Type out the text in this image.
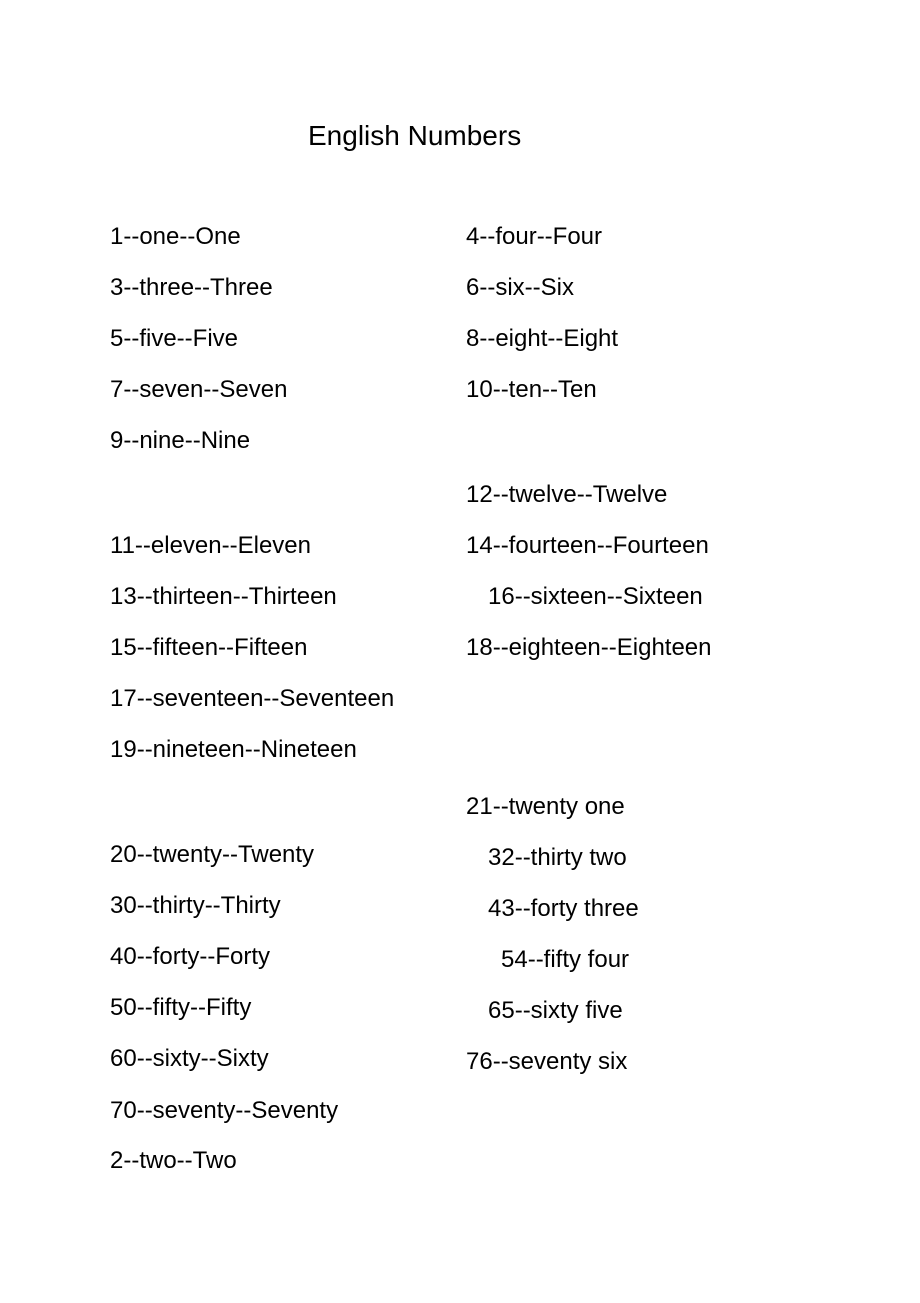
English Numbers
1--one--One
3--three--Three
5--five--Five
7--seven--Seven
9--nine--Nine
11--eleven--Eleven
13--thirteen--Thirteen
15--fifteen--Fifteen
17--seventeen--Seventeen
19--nineteen--Nineteen
20--twenty--Twenty
30--thirty--Thirty
40--forty--Forty
50--fifty--Fifty
60--sixty--Sixty
70--seventy--Seventy
2--two--Two
4--four--Four
6--six--Six
8--eight--Eight
10--ten--Ten
12--twelve--Twelve
14--fourteen--Fourteen
16--sixteen--Sixteen
18--eighteen--Eighteen
21--twenty one
32--thirty two
43--forty three
54--fifty four
65--sixty five
76--seventy six
